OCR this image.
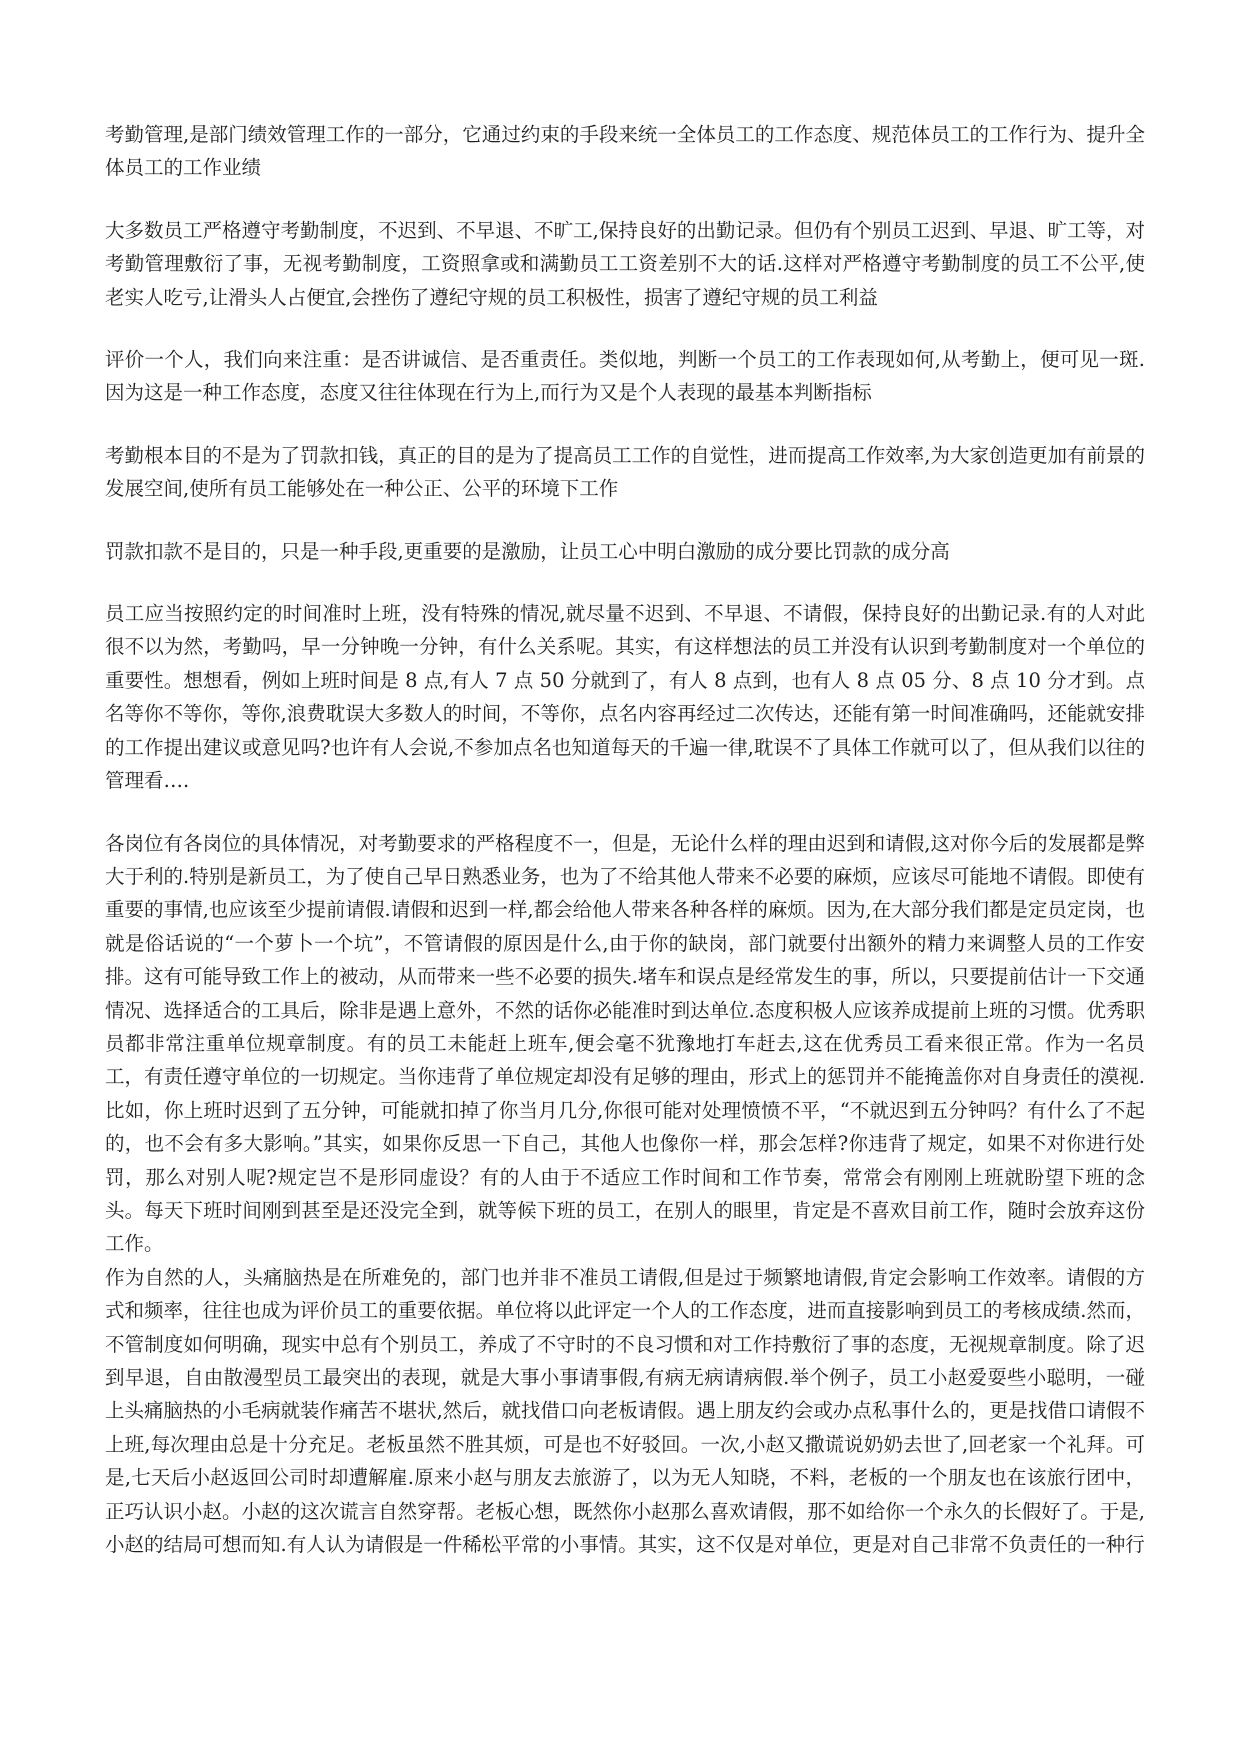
考勤管理,是部门绩效管理工作的一部分，它通过约束的手段来统一全体员工的工作态度、规范体员工的工作行为、提升全体员工的工作业绩

大多数员工严格遵守考勤制度，不迟到、不早退、不旷工,保持良好的出勤记录。但仍有个别员工迟到、早退、旷工等，对考勤管理敷衍了事，无视考勤制度，工资照拿或和满勤员工工资差别不大的话.这样对严格遵守考勤制度的员工不公平,使老实人吃亏,让滑头人占便宜,会挫伤了遵纪守规的员工积极性，损害了遵纪守规的员工利益

评价一个人，我们向来注重：是否讲诚信、是否重责任。类似地，判断一个员工的工作表现如何,从考勤上，便可见一斑.因为这是一种工作态度，态度又往往体现在行为上,而行为又是个人表现的最基本判断指标

考勤根本目的不是为了罚款扣钱，真正的目的是为了提高员工工作的自觉性，进而提高工作效率,为大家创造更加有前景的发展空间,使所有员工能够处在一种公正、公平的环境下工作

罚款扣款不是目的，只是一种手段,更重要的是激励，让员工心中明白激励的成分要比罚款的成分高

员工应当按照约定的时间准时上班，没有特殊的情况,就尽量不迟到、不早退、不请假，保持良好的出勤记录.有的人对此很不以为然，考勤吗，早一分钟晚一分钟，有什么关系呢。其实，有这样想法的员工并没有认识到考勤制度对一个单位的重要性。想想看，例如上班时间是 8 点,有人 7 点 50 分就到了，有人 8 点到，也有人 8 点 05 分、8 点 10 分才到。点名等你不等你，等你,浪费耽误大多数人的时间，不等你，点名内容再经过二次传达，还能有第一时间准确吗，还能就安排的工作提出建议或意见吗?也许有人会说,不参加点名也知道每天的千遍一律,耽误不了具体工作就可以了，但从我们以往的管理看….

各岗位有各岗位的具体情况，对考勤要求的严格程度不一，但是，无论什么样的理由迟到和请假,这对你今后的发展都是弊大于利的.特别是新员工，为了使自己早日熟悉业务，也为了不给其他人带来不必要的麻烦，应该尽可能地不请假。即使有重要的事情,也应该至少提前请假.请假和迟到一样,都会给他人带来各种各样的麻烦。因为,在大部分我们都是定员定岗，也就是俗话说的“一个萝卜一个坑”，不管请假的原因是什么,由于你的缺岗，部门就要付出额外的精力来调整人员的工作安排。这有可能导致工作上的被动，从而带来一些不必要的损失.堵车和误点是经常发生的事，所以，只要提前估计一下交通情况、选择适合的工具后，除非是遇上意外，不然的话你必能准时到达单位.态度积极人应该养成提前上班的习惯。优秀职员都非常注重单位规章制度。有的员工未能赶上班车,便会毫不犹豫地打车赶去,这在优秀员工看来很正常。作为一名员工，有责任遵守单位的一切规定。当你违背了单位规定却没有足够的理由，形式上的惩罚并不能掩盖你对自身责任的漠视.比如，你上班时迟到了五分钟，可能就扣掉了你当月几分,你很可能对处理愤愤不平，“不就迟到五分钟吗？有什么了不起的，也不会有多大影响。”其实，如果你反思一下自己，其他人也像你一样，那会怎样?你违背了规定，如果不对你进行处罚，那么对别人呢?规定岂不是形同虚设？有的人由于不适应工作时间和工作节奏，常常会有刚刚上班就盼望下班的念头。每天下班时间刚到甚至是还没完全到，就等候下班的员工，在别人的眼里，肯定是不喜欢目前工作，随时会放弃这份工作。

作为自然的人，头痛脑热是在所难免的，部门也并非不准员工请假,但是过于频繁地请假,肯定会影响工作效率。请假的方式和频率，往往也成为评价员工的重要依据。单位将以此评定一个人的工作态度，进而直接影响到员工的考核成绩.然而，不管制度如何明确，现实中总有个别员工，养成了不守时的不良习惯和对工作持敷衍了事的态度，无视规章制度。除了迟到早退，自由散漫型员工最突出的表现，就是大事小事请事假,有病无病请病假.举个例子，员工小赵爱耍些小聪明，一碰上头痛脑热的小毛病就装作痛苦不堪状,然后，就找借口向老板请假。遇上朋友约会或办点私事什么的，更是找借口请假不上班,每次理由总是十分充足。老板虽然不胜其烦，可是也不好驳回。一次,小赵又撒谎说奶奶去世了,回老家一个礼拜。可是,七天后小赵返回公司时却遭解雇.原来小赵与朋友去旅游了，以为无人知晓，不料，老板的一个朋友也在该旅行团中，正巧认识小赵。小赵的这次谎言自然穿帮。老板心想，既然你小赵那么喜欢请假，那不如给你一个永久的长假好了。于是,小赵的结局可想而知.有人认为请假是一件稀松平常的小事情。其实，这不仅是对单位，更是对自己非常不负责任的一种行
